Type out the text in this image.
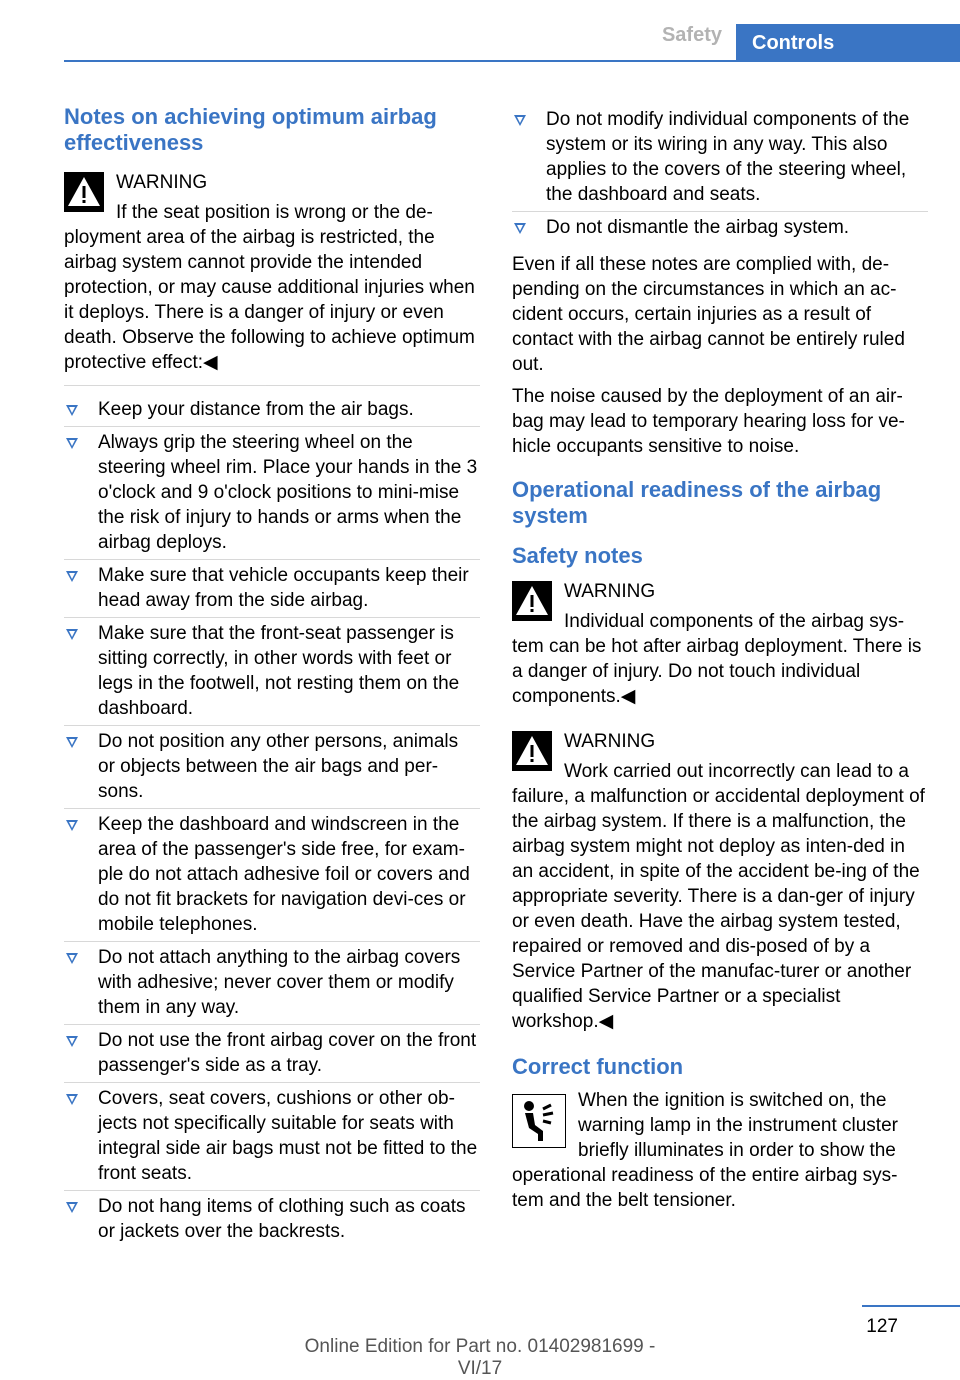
Safety	Controls
Notes on achieving optimum airbag effectiveness
WARNING
If the seat position is wrong or the de-ployment area of the airbag is restricted, the airbag system cannot provide the intended protection, or may cause additional injuries when it deploys. There is a danger of injury or even death. Observe the following to achieve optimum protective effect:◀
Keep your distance from the air bags.
Always grip the steering wheel on the steering wheel rim. Place your hands in the 3 o'clock and 9 o'clock positions to mini-mise the risk of injury to hands or arms when the airbag deploys.
Make sure that vehicle occupants keep their head away from the side airbag.
Make sure that the front-seat passenger is sitting correctly, in other words with feet or legs in the footwell, not resting them on the dashboard.
Do not position any other persons, animals or objects between the air bags and per-sons.
Keep the dashboard and windscreen in the area of the passenger's side free, for exam-ple do not attach adhesive foil or covers and do not fit brackets for navigation devi-ces or mobile telephones.
Do not attach anything to the airbag covers with adhesive; never cover them or modify them in any way.
Do not use the front airbag cover on the front passenger's side as a tray.
Covers, seat covers, cushions or other ob-jects not specifically suitable for seats with integral side air bags must not be fitted to the front seats.
Do not hang items of clothing such as coats or jackets over the backrests.
Do not modify individual components of the system or its wiring in any way. This also applies to the covers of the steering wheel, the dashboard and seats.
Do not dismantle the airbag system.
Even if all these notes are complied with, de-pending on the circumstances in which an ac-cident occurs, certain injuries as a result of contact with the airbag cannot be entirely ruled out.
The noise caused by the deployment of an air-bag may lead to temporary hearing loss for ve-hicle occupants sensitive to noise.
Operational readiness of the airbag system
Safety notes
WARNING
Individual components of the airbag sys-tem can be hot after airbag deployment. There is a danger of injury. Do not touch individual components.◀
WARNING
Work carried out incorrectly can lead to a failure, a malfunction or accidental deployment of the airbag system. If there is a malfunction, the airbag system might not deploy as inten-ded in an accident, in spite of the accident be-ing of the appropriate severity. There is a dan-ger of injury or even death. Have the airbag system tested, repaired or removed and dis-posed of by a Service Partner of the manufac-turer or another qualified Service Partner or a specialist workshop.◀
Correct function
When the ignition is switched on, the warning lamp in the instrument cluster briefly illuminates in order to show the operational readiness of the entire airbag sys-tem and the belt tensioner.
127
Online Edition for Part no. 01402981699 - VI/17
